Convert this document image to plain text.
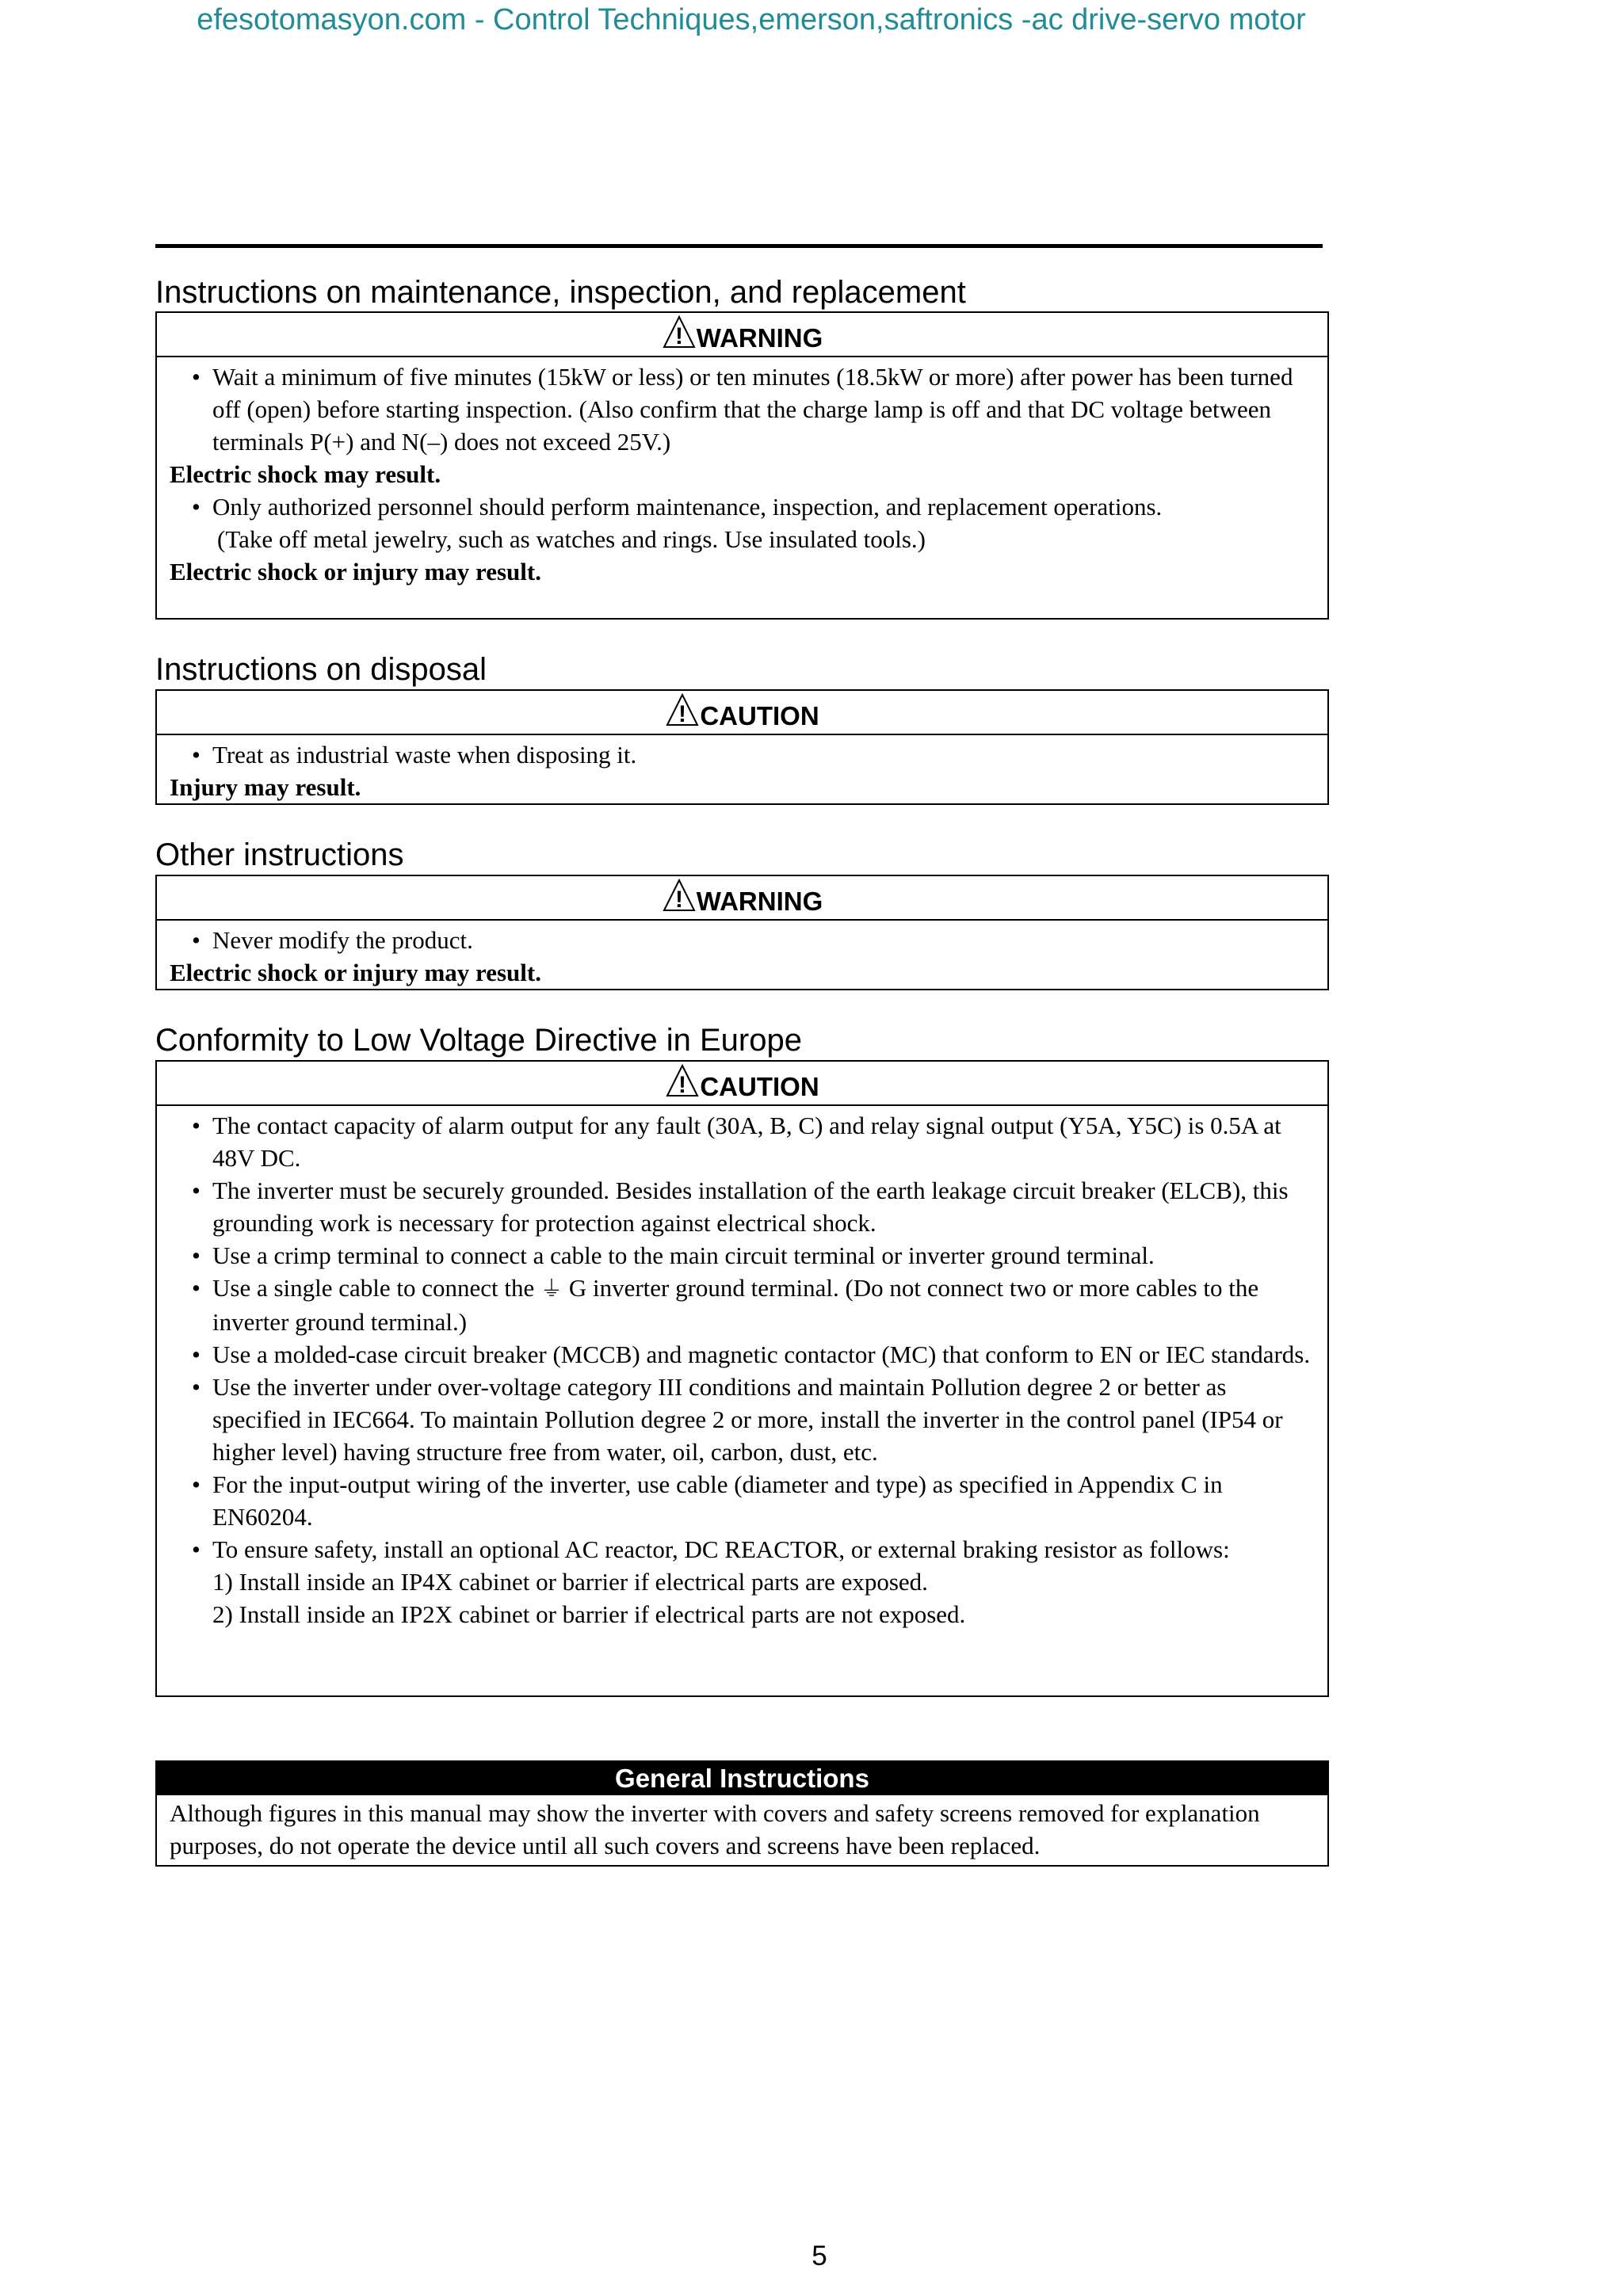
efesotomasyon.com - Control Techniques,emerson,saftronics -ac drive-servo motor
Instructions on maintenance, inspection, and replacement
! WARNING
• Wait a minimum of five minutes (15kW or less) or ten minutes (18.5kW or more) after power has been turned off (open) before starting inspection. (Also confirm that the charge lamp is off and that DC voltage between terminals P(+) and N(–) does not exceed 25V.)
Electric shock may result.
• Only authorized personnel should perform maintenance, inspection, and replacement operations.
(Take off metal jewelry, such as watches and rings. Use insulated tools.)
Electric shock or injury may result.
Instructions on disposal
! CAUTION
• Treat as industrial waste when disposing it.
Injury may result.
Other instructions
! WARNING
• Never modify the product.
Electric shock or injury may result.
Conformity to Low Voltage Directive in Europe
! CAUTION
• The contact capacity of alarm output for any fault (30A, B, C) and relay signal output (Y5A, Y5C) is 0.5A at 48V DC.
• The inverter must be securely grounded. Besides installation of the earth leakage circuit breaker (ELCB), this grounding work is necessary for protection against electrical shock.
• Use a crimp terminal to connect a cable to the main circuit terminal or inverter ground terminal.
• Use a single cable to connect the ⏚ G inverter ground terminal. (Do not connect two or more cables to the inverter ground terminal.)
• Use a molded-case circuit breaker (MCCB) and magnetic contactor (MC) that conform to EN or IEC standards.
• Use the inverter under over-voltage category III conditions and maintain Pollution degree 2 or better as specified in IEC664. To maintain Pollution degree 2 or more, install the inverter in the control panel (IP54 or higher level) having structure free from water, oil, carbon, dust, etc.
• For the input-output wiring of the inverter, use cable (diameter and type) as specified in Appendix C in EN60204.
• To ensure safety, install an optional AC reactor, DC REACTOR, or external braking resistor as follows:
1) Install inside an IP4X cabinet or barrier if electrical parts are exposed.
2) Install inside an IP2X cabinet or barrier if electrical parts are not exposed.
General Instructions
Although figures in this manual may show the inverter with covers and safety screens removed for explanation purposes, do not operate the device until all such covers and screens have been replaced.
5
